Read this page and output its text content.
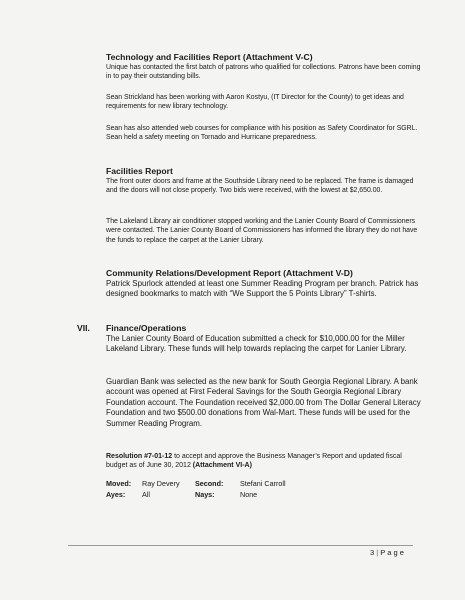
Technology and Facilities Report (Attachment V-C)

Unique has contacted the first batch of patrons who qualified for collections. Patrons have been coming in to pay their outstanding bills.

Sean Strickland has been working with Aaron Kostyu, (IT Director for the County) to get ideas and requirements for new library technology.

Sean has also attended web courses for compliance with his position as Safety Coordinator for SGRL. Sean held a safety meeting on Tornado and Hurricane preparedness.

Facilities Report

The front outer doors and frame at the Southside Library need to be replaced. The frame is damaged and the doors will not close properly. Two bids were received, with the lowest at $2,650.00.

The Lakeland Library air conditioner stopped working and the Lanier County Board of Commissioners were contacted. The Lanier County Board of Commissioners has informed the library they do not have the funds to replace the carpet at the Lanier Library.

Community Relations/Development Report (Attachment V-D)

Patrick Spurlock attended at least one Summer Reading Program per branch. Patrick has designed bookmarks to match with “We Support the 5 Points Library” T-shirts.

VII. Finance/Operations

The Lanier County Board of Education submitted a check for $10,000.00 for the Miller Lakeland Library. These funds will help towards replacing the carpet for Lanier Library.

Guardian Bank was selected as the new bank for South Georgia Regional Library. A bank account was opened at First Federal Savings for the South Georgia Regional Library Foundation account. The Foundation received $2,000.00 from The Dollar General Literacy Foundation and two $500.00 donations from Wal-Mart. These funds will be used for the Summer Reading Program.

Resolution #7-01-12 to accept and approve the Business Manager’s Report and updated fiscal budget as of June 30, 2012 (Attachment VI-A)

Moved:	Ray Devery	Second:	Stefani Carroll
Ayes:	All	Nays:	None
3 | P a g e
